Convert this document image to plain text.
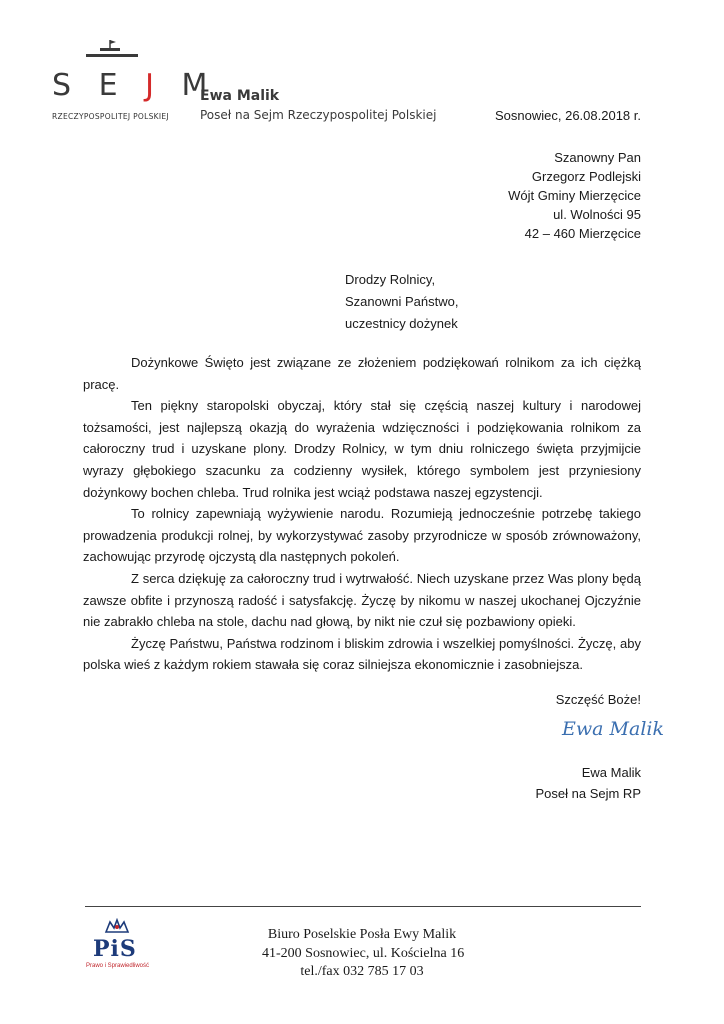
S E J M
RZECZYPOSPOLITEJ POLSKIEJ
Ewa Malik
Poseł na Sejm Rzeczypospolitej Polskiej	Sosnowiec, 26.08.2018 r.
Szanowny Pan
Grzegorz Podlejski
Wójt Gminy Mierzęcice
ul. Wolności 95
42 – 460 Mierzęcice
Drodzy Rolnicy,
Szanowni Państwo,
uczestnicy dożynek

Dożynkowe Święto jest związane ze złożeniem podziękowań rolnikom za ich ciężką pracę.

Ten piękny staropolski obyczaj, który stał się częścią naszej kultury i narodowej tożsamości, jest najlepszą okazją do wyrażenia wdzięczności i podziękowania rolnikom za całoroczny trud i uzyskane plony. Drodzy Rolnicy, w tym dniu rolniczego święta przyjmijcie wyrazy głębokiego szacunku za codzienny wysiłek, którego symbolem jest przyniesiony dożynkowy bochen chleba. Trud rolnika jest wciąż podstawa naszej egzystencji.

To rolnicy zapewniają wyżywienie narodu. Rozumieją jednocześnie potrzebę takiego prowadzenia produkcji rolnej, by wykorzystywać zasoby przyrodnicze w sposób zrównoważony, zachowując przyrodę ojczystą dla następnych pokoleń.

Z serca dziękuję za całoroczny trud i wytrwałość. Niech uzyskane przez Was plony będą zawsze obfite i przynoszą radość i satysfakcję. Życzę by nikomu w naszej ukochanej Ojczyźnie nie zabrakło chleba na stole, dachu nad głową, by nikt nie czuł się pozbawiony opieki.

Życzę Państwu, Państwa rodzinom i bliskim zdrowia i wszelkiej pomyślności. Życzę, aby polska wieś z każdym rokiem stawała się coraz silniejsza ekonomicznie i zasobniejsza.

Szczęść Boże!
Ewa Malik
Ewa Malik
Poseł na Sejm RP
PiS
Prawo i Sprawiedliwość
Biuro Poselskie Posła Ewy Malik
41-200 Sosnowiec, ul. Kościelna 16
tel./fax 032 785 17 03
